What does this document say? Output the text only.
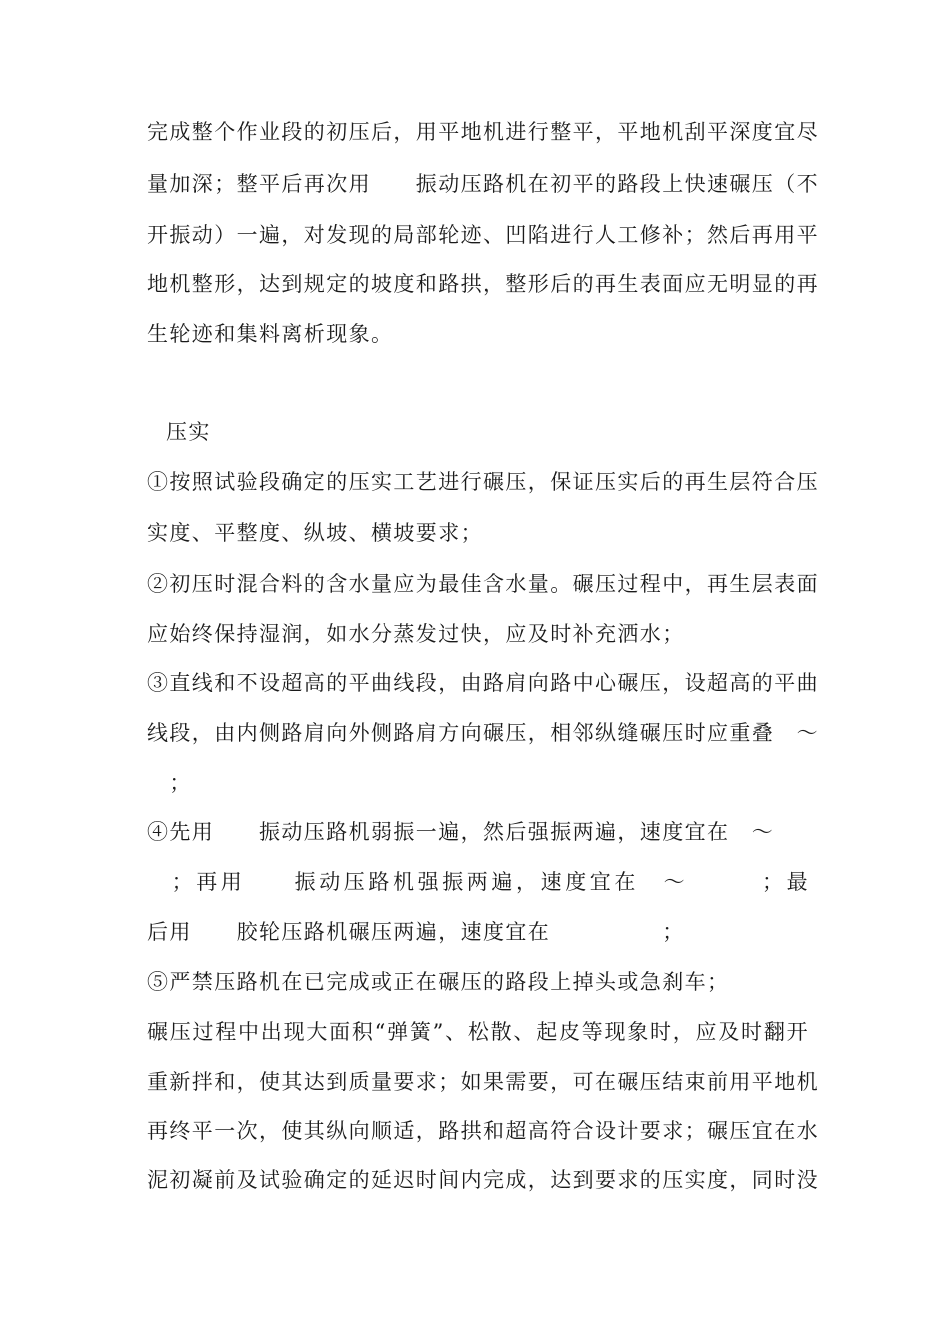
完成整个作业段的初压后，用平地机进行整平，平地机刮平深度宜尽
量加深；整平后再次用　　振动压路机在初平的路段上快速碾压（不
开振动）一遍，对发现的局部轮迹、凹陷进行人工修补；然后再用平
地机整形，达到规定的坡度和路拱，整形后的再生表面应无明显的再
生轮迹和集料离析现象。
压实
①按照试验段确定的压实工艺进行碾压，保证压实后的再生层符合压
实度、平整度、纵坡、横坡要求；
②初压时混合料的含水量应为最佳含水量。碾压过程中，再生层表面
应始终保持湿润，如水分蒸发过快，应及时补充洒水；
③直线和不设超高的平曲线段，由路肩向路中心碾压，设超高的平曲
线段，由内侧路肩向外侧路肩方向碾压，相邻纵缝碾压时应重叠　～
　；
④先用　　振动压路机弱振一遍，然后强振两遍，速度宜在　～
　；再用　　振动压路机强振两遍，速度宜在　～　　　；最
后用　　胶轮压路机碾压两遍，速度宜在　　　　　；
⑤严禁压路机在已完成或正在碾压的路段上掉头或急刹车；
碾压过程中出现大面积“弹簧”、松散、起皮等现象时，应及时翻开
重新拌和，使其达到质量要求；如果需要，可在碾压结束前用平地机
再终平一次，使其纵向顺适，路拱和超高符合设计要求；碾压宜在水
泥初凝前及试验确定的延迟时间内完成，达到要求的压实度，同时没
